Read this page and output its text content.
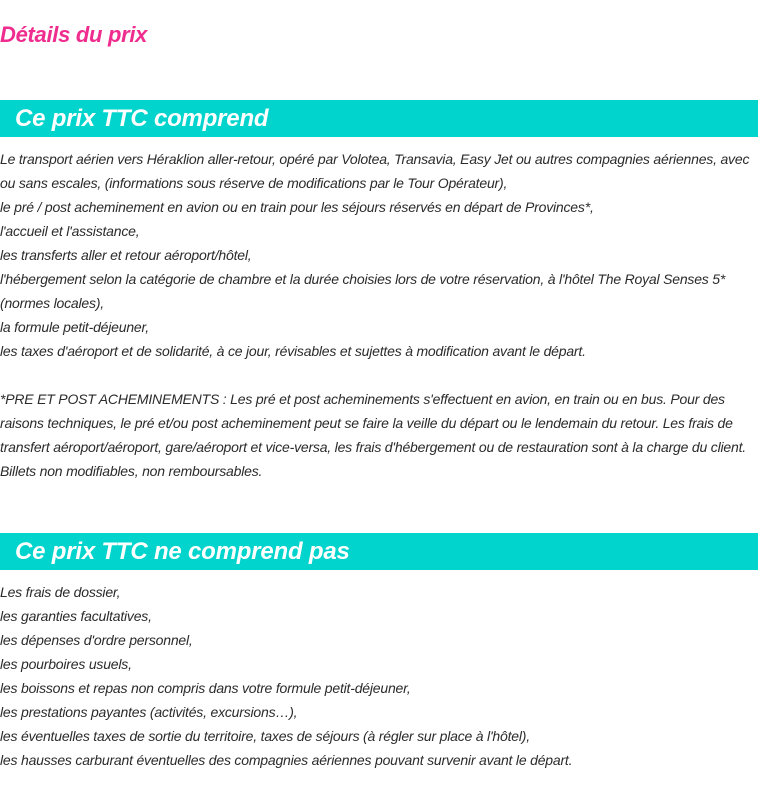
Détails du prix
Ce prix TTC comprend
Le transport aérien vers Héraklion aller-retour, opéré par Volotea, Transavia, Easy Jet ou autres compagnies aériennes, avec ou sans escales, (informations sous réserve de modifications par le Tour Opérateur),
le pré / post acheminement en avion ou en train pour les séjours réservés en départ de Provinces*,
l'accueil et l'assistance,
les transferts aller et retour aéroport/hôtel,
l'hébergement selon la catégorie de chambre et la durée choisies lors de votre réservation, à l'hôtel The Royal Senses 5* (normes locales),
la formule petit-déjeuner,
les taxes d'aéroport et de solidarité, à ce jour, révisables et sujettes à modification avant le départ.
*PRE ET POST ACHEMINEMENTS : Les pré et post acheminements s'effectuent en avion, en train ou en bus. Pour des raisons techniques, le pré et/ou post acheminement peut se faire la veille du départ ou le lendemain du retour. Les frais de transfert aéroport/aéroport, gare/aéroport et vice-versa, les frais d'hébergement ou de restauration sont à la charge du client. Billets non modifiables, non remboursables.
Ce prix TTC ne comprend pas
Les frais de dossier,
les garanties facultatives,
les dépenses d'ordre personnel,
les pourboires usuels,
les boissons et repas non compris dans votre formule petit-déjeuner,
les prestations payantes (activités, excursions…),
les éventuelles taxes de sortie du territoire, taxes de séjours (à régler sur place à l'hôtel),
les hausses carburant éventuelles des compagnies aériennes pouvant survenir avant le départ.
